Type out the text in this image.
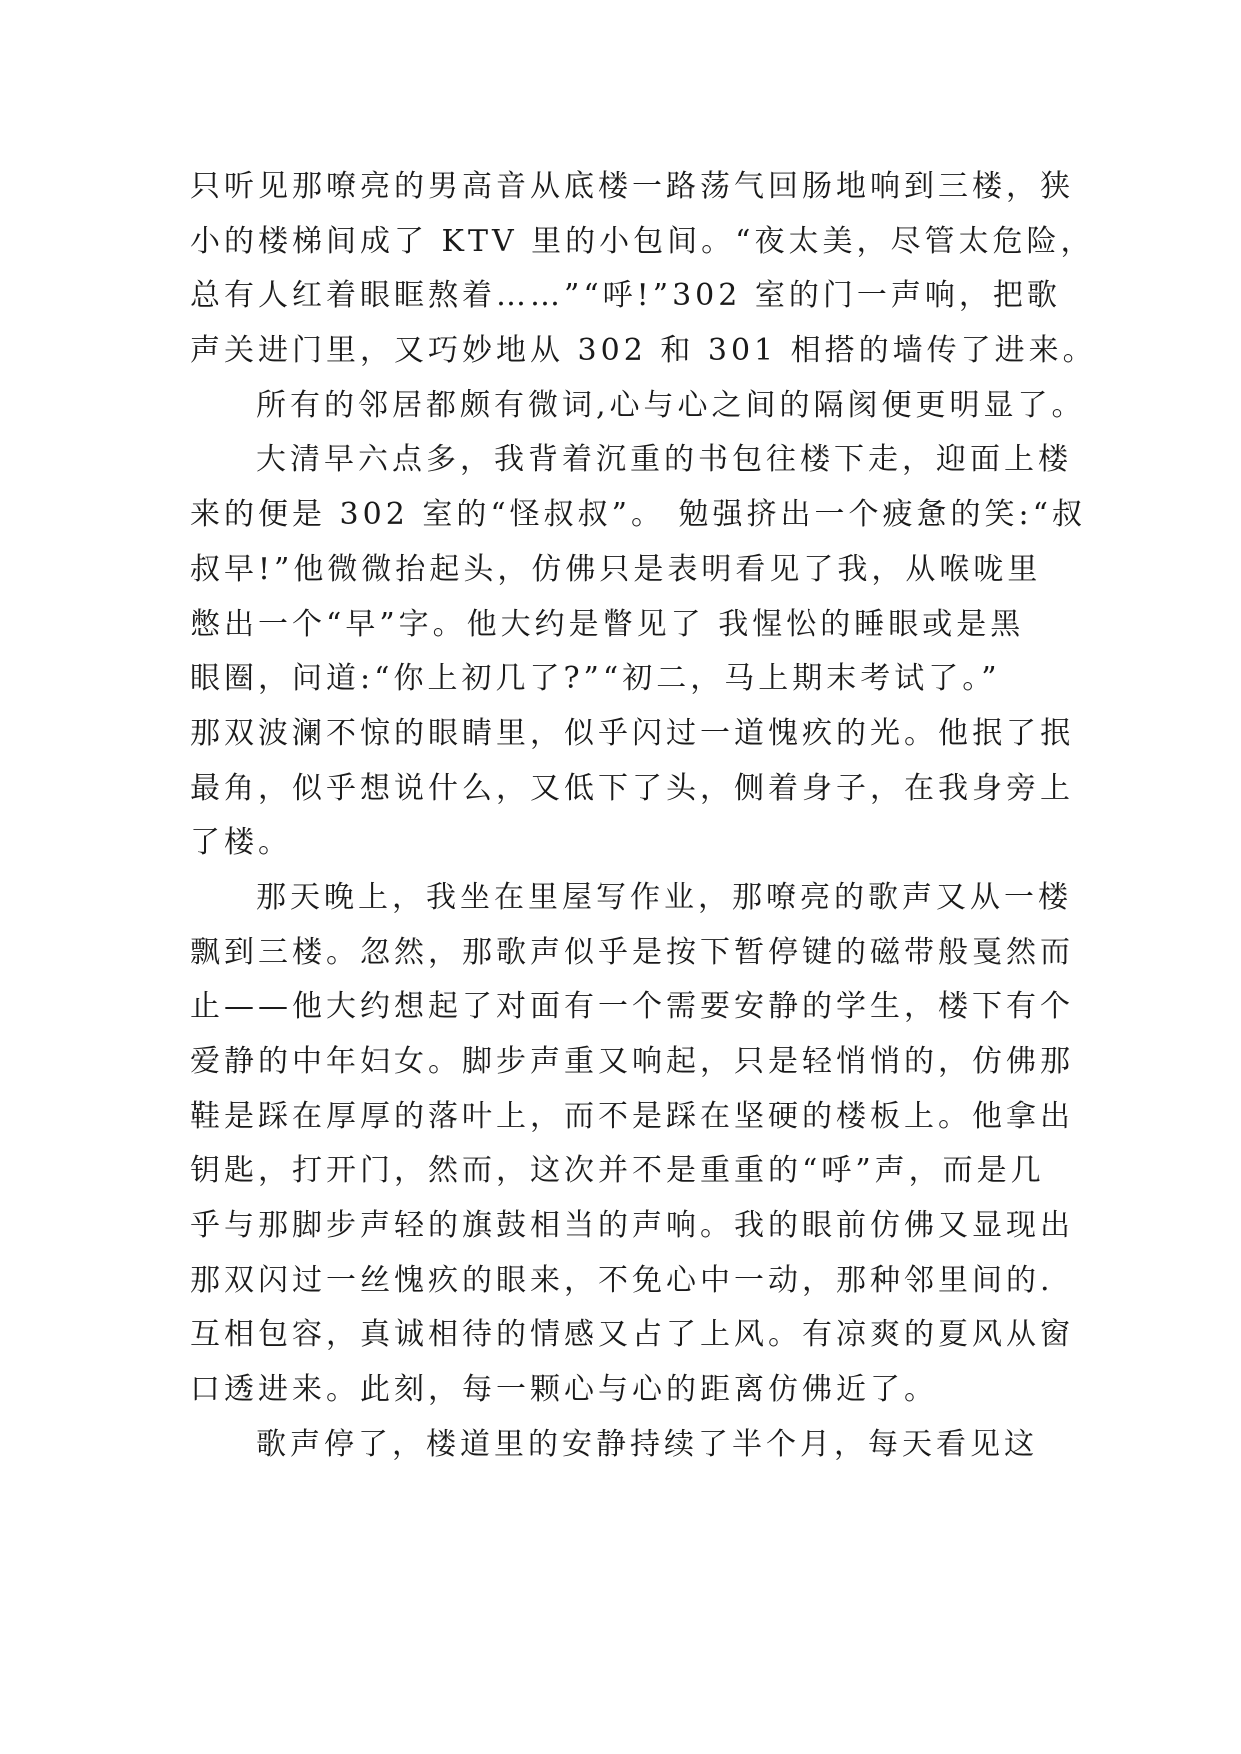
只听见那嘹亮的男高音从底楼一路荡气回肠地响到三楼，狭
小的楼梯间成了 KTV 里的小包间。“夜太美，尽管太危险，
总有人红着眼眶熬着……”“呼!”302 室的门一声响，把歌
声关进门里，又巧妙地从 302 和 301 相搭的墙传了进来。
所有的邻居都颇有微词,心与心之间的隔阂便更明显了。
大清早六点多，我背着沉重的书包往楼下走，迎面上楼
来的便是 302 室的“怪叔叔”。 勉强挤出一个疲惫的笑:“叔
叔早!”他微微抬起头，仿佛只是表明看见了我，从喉咙里
憋出一个“早”字。他大约是瞥见了 我惺忪的睡眼或是黑
眼圈，问道:“你上初几了?”“初二，马上期末考试了。”
那双波澜不惊的眼睛里，似乎闪过一道愧疚的光。他抿了抿
最角，似乎想说什么，又低下了头，侧着身子，在我身旁上
了楼。
那天晚上，我坐在里屋写作业，那嘹亮的歌声又从一楼
飘到三楼。忽然，那歌声似乎是按下暂停键的磁带般戛然而
止——他大约想起了对面有一个需要安静的学生，楼下有个
爱静的中年妇女。脚步声重又响起，只是轻悄悄的，仿佛那
鞋是踩在厚厚的落叶上，而不是踩在坚硬的楼板上。他拿出
钥匙，打开门，然而，这次并不是重重的“呼”声，而是几
乎与那脚步声轻的旗鼓相当的声响。我的眼前仿佛又显现出
那双闪过一丝愧疚的眼来，不免心中一动，那种邻里间的.
互相包容，真诚相待的情感又占了上风。有凉爽的夏风从窗
口透进来。此刻，每一颗心与心的距离仿佛近了。
歌声停了，楼道里的安静持续了半个月，每天看见这
